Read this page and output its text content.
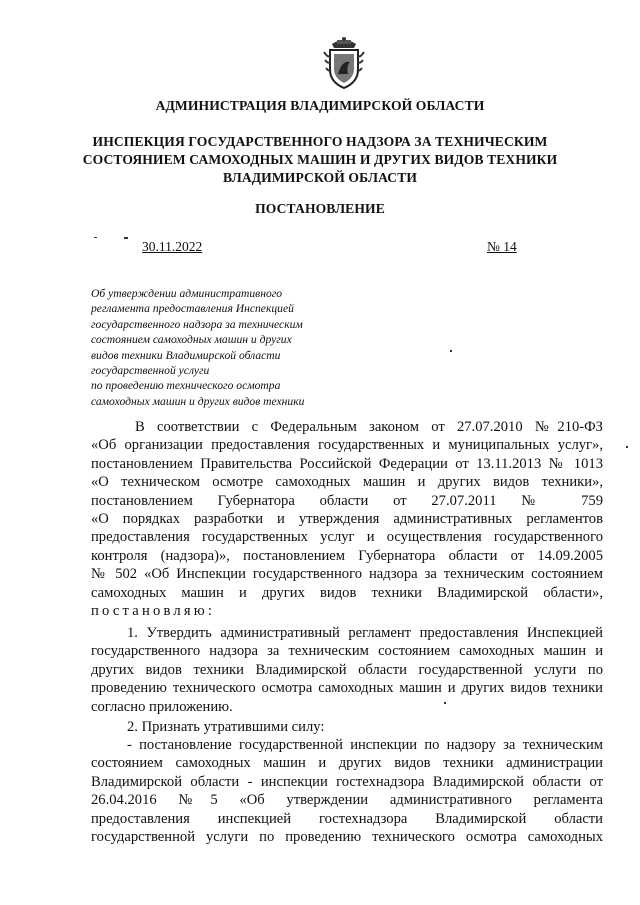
АДМИНИСТРАЦИЯ ВЛАДИМИРСКОЙ ОБЛАСТИ
ИНСПЕКЦИЯ ГОСУДАРСТВЕННОГО НАДЗОРА ЗА ТЕХНИЧЕСКИМ
СОСТОЯНИЕМ САМОХОДНЫХ МАШИН И ДРУГИХ ВИДОВ ТЕХНИКИ
ВЛАДИМИРСКОЙ ОБЛАСТИ
ПОСТАНОВЛЕНИЕ
30.11.2022	№ 14
Об утверждении административного
регламента предоставления Инспекцией
государственного надзора за техническим
состоянием самоходных машин и других
видов техники Владимирской области
государственной услуги
по проведению технического осмотра
самоходных машин и других видов техники
В соответствии с Федеральным законом от 27.07.2010 №210-ФЗ
«Об организации предоставления государственных и муниципальных услуг»,
постановлением Правительства Российской Федерации от 13.11.2013 № 1013
«О техническом осмотре самоходных машин и других видов техники»,
постановлением Губернатора области от 27.07.2011 № 759
«О порядках разработки и утверждения административных регламентов
предоставления государственных услуг и осуществления государственного
контроля (надзора)», постановлением Губернатора области от 14.09.2005
№ 502 «Об Инспекции государственного надзора за техническим состоянием
самоходных машин и других видов техники Владимирской области»,
постановляю:
1. Утвердить административный регламент предоставления Инспекцией
государственного надзора за техническим состоянием самоходных машин и
других видов техники Владимирской области государственной услуги по
проведению технического осмотра самоходных машин и других видов техники
согласно приложению.
2. Признать утратившими силу:
- постановление государственной инспекции по надзору за техническим
состоянием самоходных машин и других видов техники администрации
Владимирской области - инспекции гостехнадзора Владимирской области от
26.04.2016 №5 «Об утверждении административного регламента
предоставления инспекцией гостехнадзора Владимирской области
государственной услуги по проведению технического осмотра самоходных
